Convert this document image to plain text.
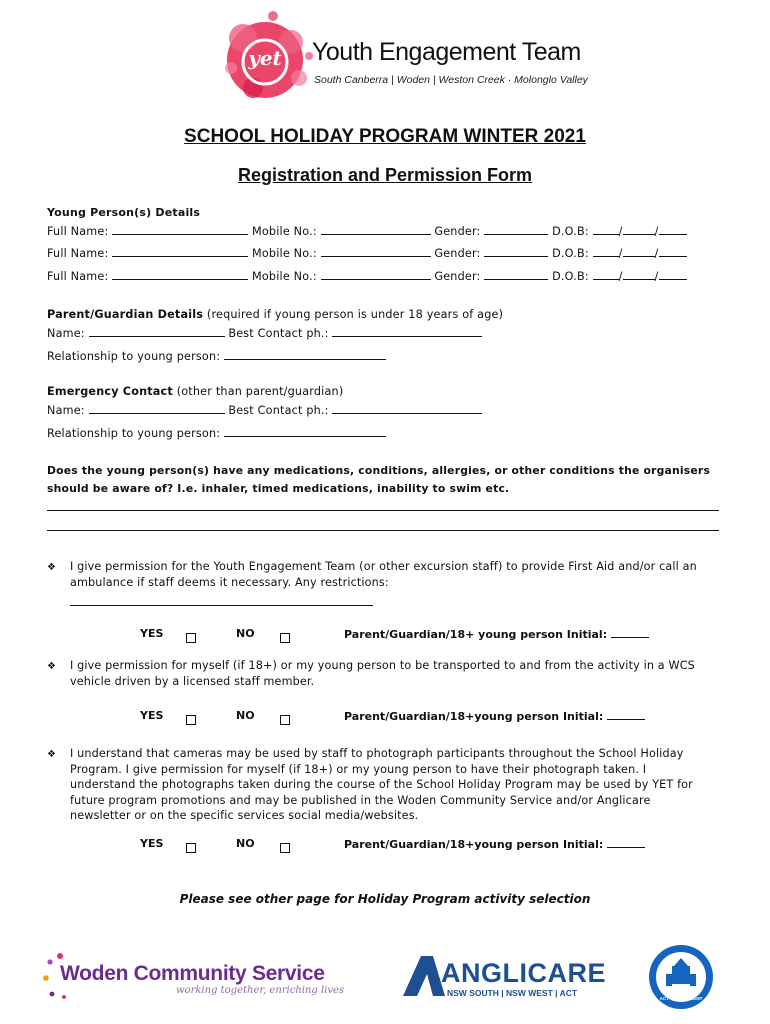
yet Youth Engagement Team
South Canberra | Woden | Weston Creek · Molonglo Valley
SCHOOL HOLIDAY PROGRAM WINTER 2021
Registration and Permission Form
Young Person(s) Details
Full Name:	Mobile No.:	Gender:	D.O.B:	/	/
Full Name:	Mobile No.:	Gender:	D.O.B:	/	/
Full Name:	Mobile No.:	Gender:	D.O.B:	/	/
Parent/Guardian Details (required if young person is under 18 years of age)
Name:	Best Contact ph.:
Relationship to young person:
Emergency Contact (other than parent/guardian)
Name:	Best Contact ph.:
Relationship to young person:
Does the young person(s) have any medications, conditions, allergies, or other conditions the organisers
should be aware of? I.e. inhaler, timed medications, inability to swim etc.
❖ I give permission for the Youth Engagement Team (or other excursion staff) to provide First Aid and/or call an ambulance if staff deems it necessary. Any restrictions:
YES	NO	Parent/Guardian/18+ young person Initial:
❖ I give permission for myself (if 18+) or my young person to be transported to and from the activity in a WCS vehicle driven by a licensed staff member.
YES	NO	Parent/Guardian/18+young person Initial:
❖ I understand that cameras may be used by staff to photograph participants throughout the School Holiday Program. I give permission for myself (if 18+) or my young person to have their photograph taken. I understand the photographs taken during the course of the School Holiday Program may be used by YET for future program promotions and may be published in the Woden Community Service and/or Anglicare newsletter or on the specific services social media/websites.
YES	NO	Parent/Guardian/18+young person Initial:
Please see other page for Holiday Program activity selection
Woden Community Service
working together, enriching lives
ANGLICARE
NSW SOUTH | NSW WEST | ACT
ACT GOVERNMENT
